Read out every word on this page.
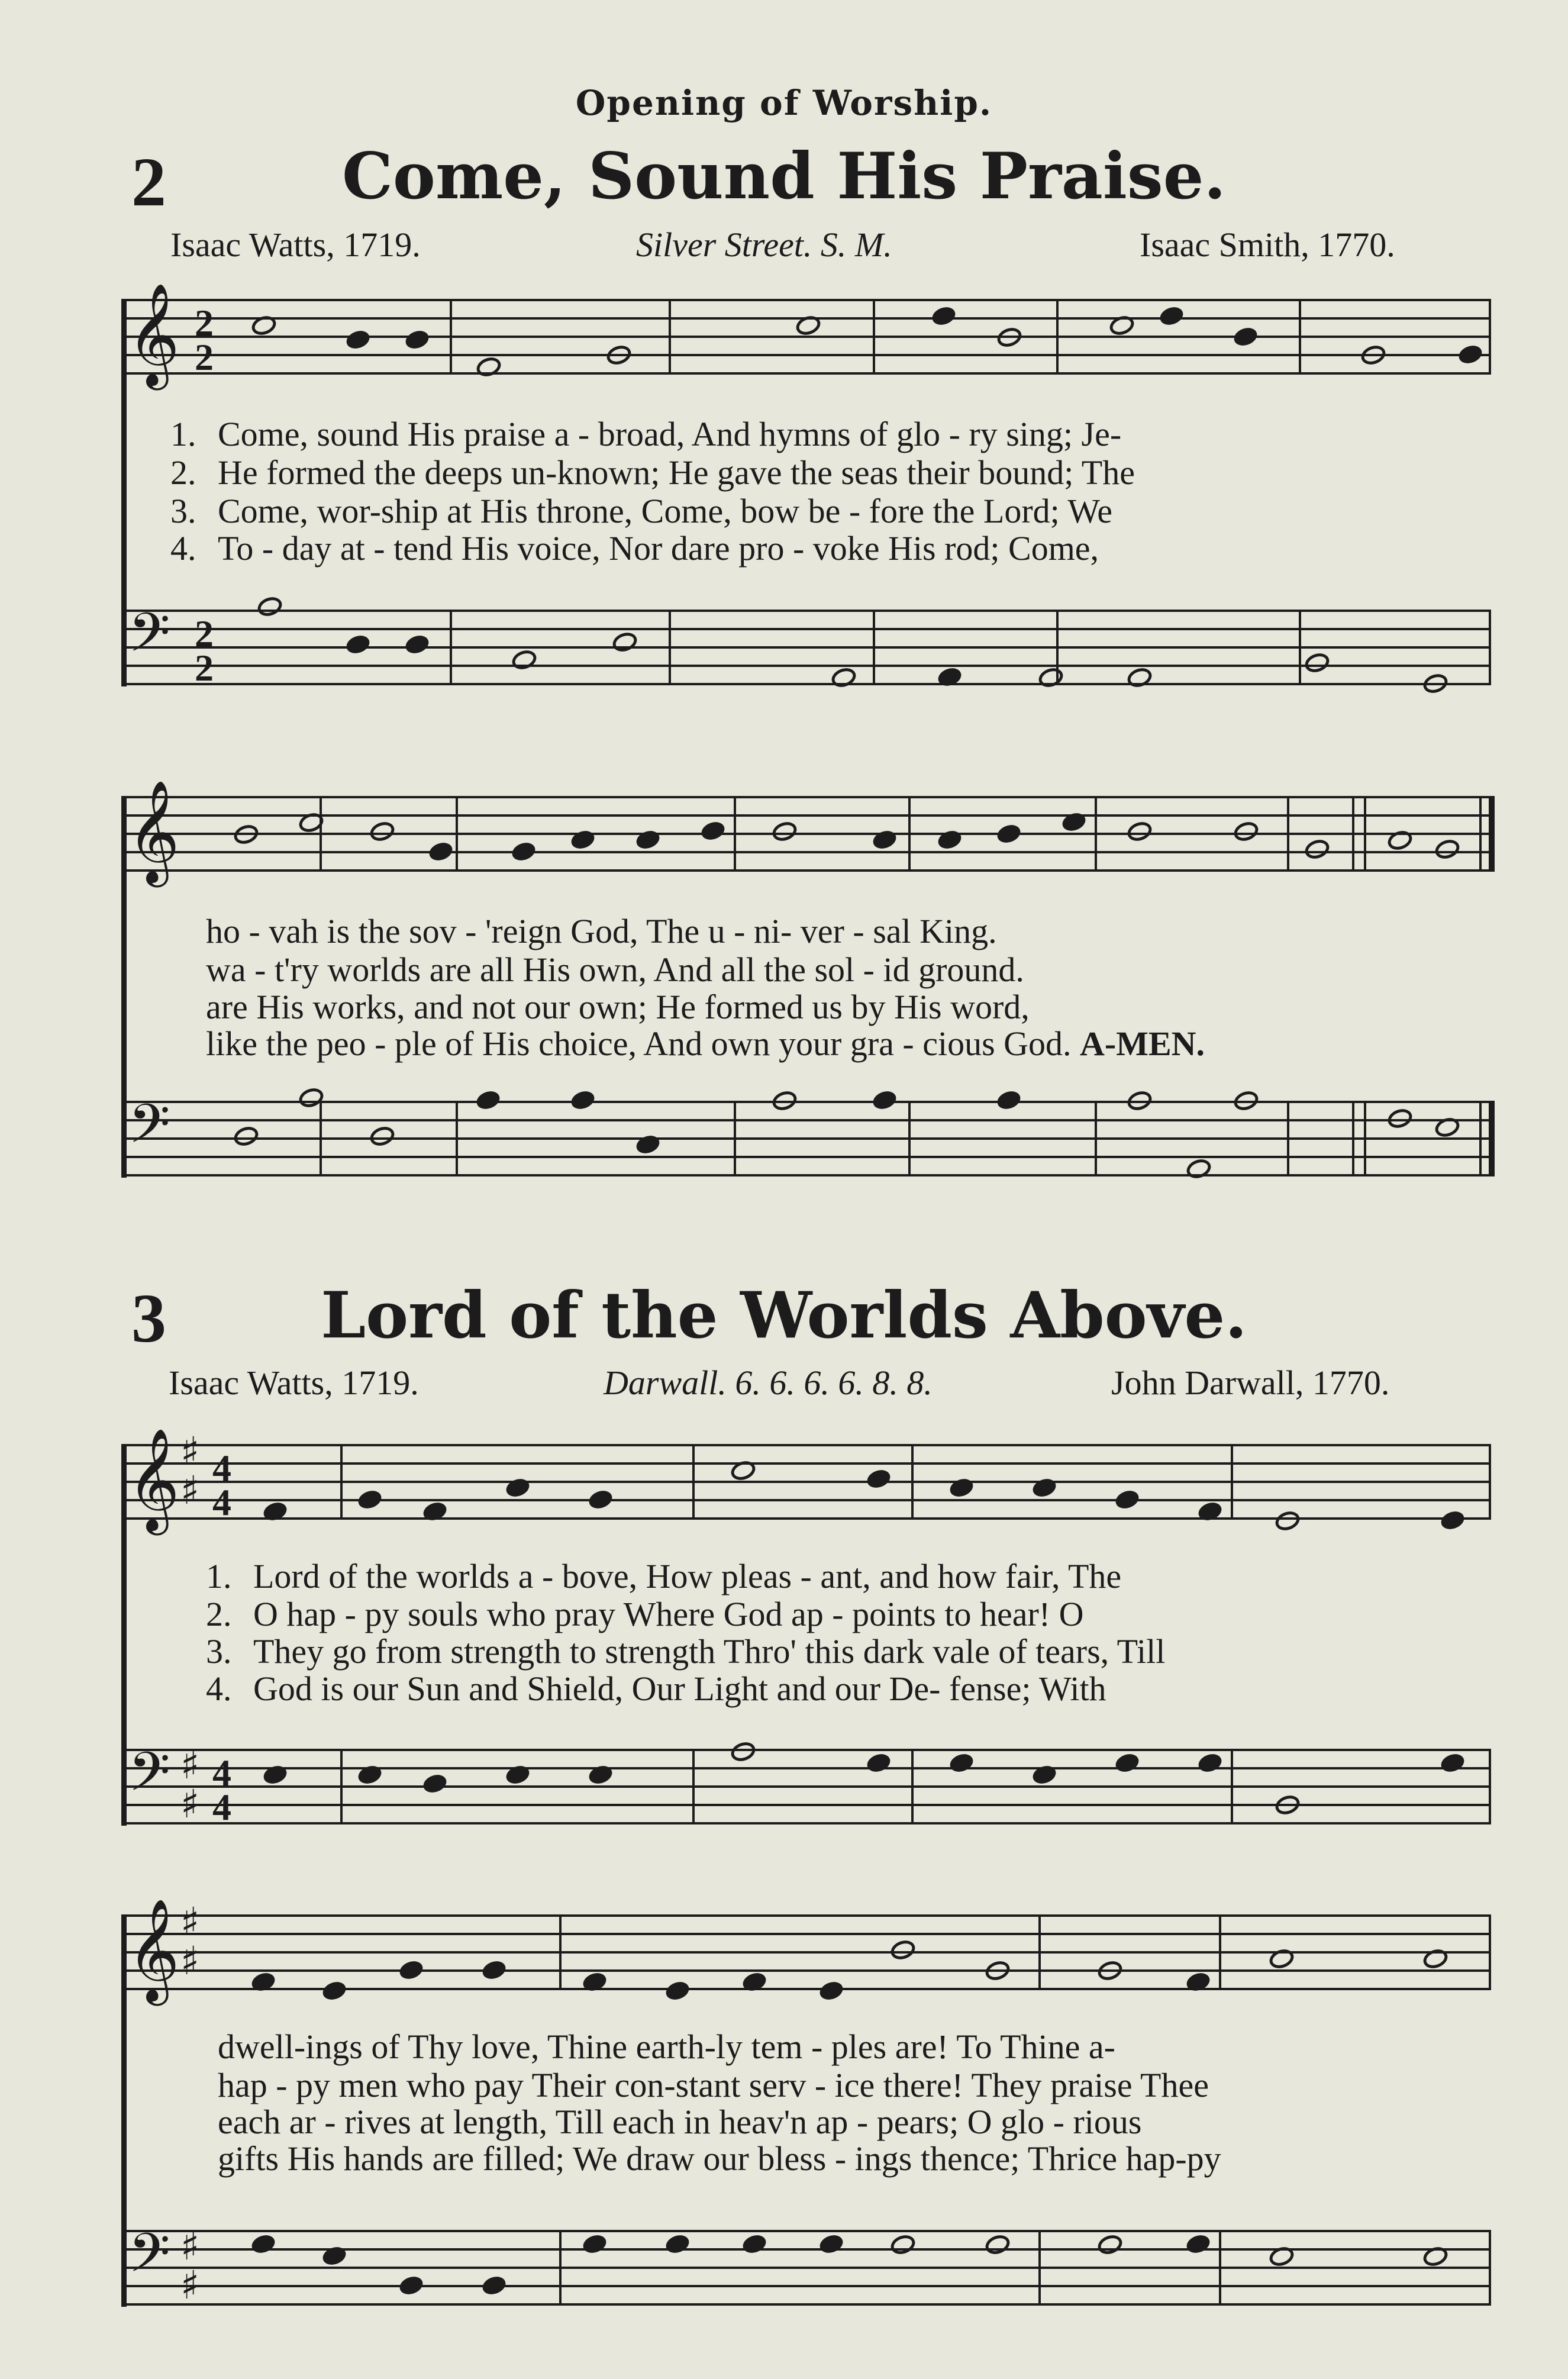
Opening of Worship.
2	Come, Sound His Praise.
Isaac Watts, 1719.	Silver Street. S. M.	Isaac Smith, 1770.
𝄞 2
2
1. Come, sound His praise a - broad, And hymns of glo - ry sing; Je-
2. He formed the deeps un-known; He gave the seas their bound; The
3. Come, wor-ship at His throne, Come, bow be - fore the Lord; We
4. To - day at - tend His voice, Nor dare pro - voke His rod; Come,
𝄢 2
2
𝄞
ho - vah is the sov - 'reign God, The u - ni- ver - sal King.
wa - t'ry worlds are all His own, And all the sol - id ground.
are His works, and not our own; He formed us by His word,
like the peo - ple of His choice, And own your gra - cious God. A-MEN.
𝄢
3	Lord of the Worlds Above.
Isaac Watts, 1719.	Darwall. 6. 6. 6. 6. 8. 8.	John Darwall, 1770.
𝄞 ♯
♯ 4
4
1. Lord of the worlds a - bove, How pleas - ant, and how fair, The
2. O hap - py souls who pray Where God ap - points to hear! O
3. They go from strength to strength Thro' this dark vale of tears, Till
4. God is our Sun and Shield, Our Light and our De- fense; With
𝄢 ♯
♯
4
4
𝄞 ♯
♯
dwell-ings of Thy love, Thine earth-ly tem - ples are! To Thine a-
hap - py men who pay Their con-stant serv - ice there! They praise Thee
each ar - rives at length, Till each in heav'n ap - pears; O glo - rious
gifts His hands are filled; We draw our bless - ings thence; Thrice hap-py
𝄢 ♯
♯
